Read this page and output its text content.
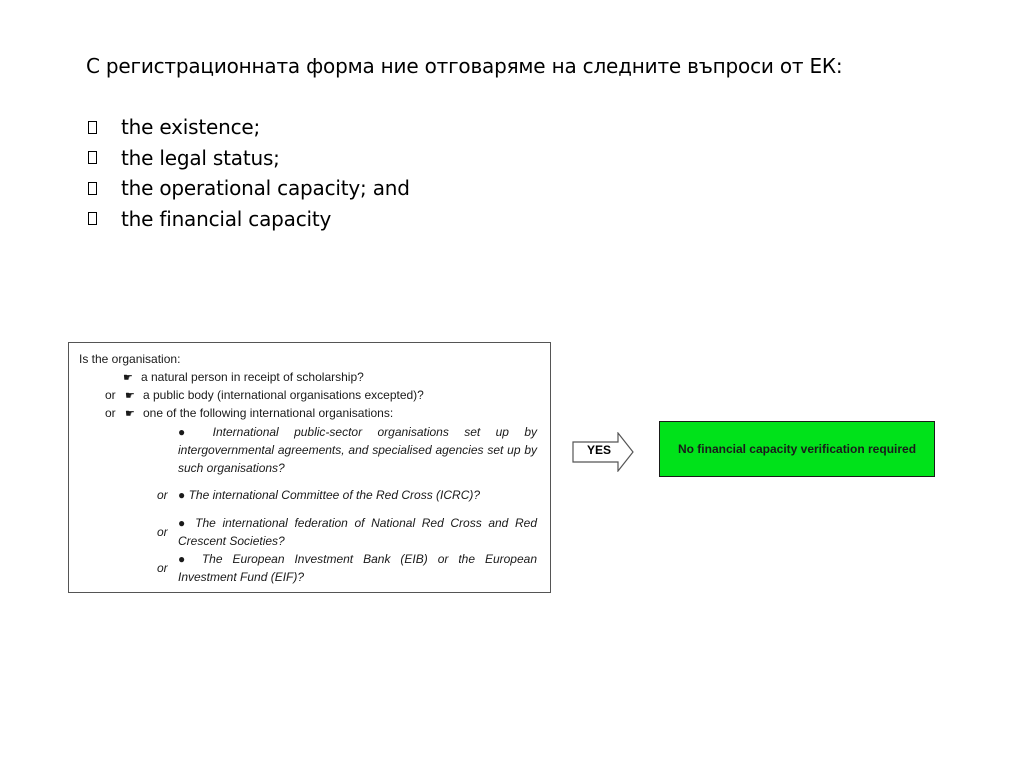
С регистрационната форма ние отговаряме на следните въпроси от ЕК:
the existence;
the legal status;
the operational capacity; and
the financial capacity
Is the organisation:
☛ a natural person in receipt of scholarship?
or ☛ a public body (international organisations excepted)?
or ☛ one of the following international organisations:
● International public-sector organisations set up by intergovernmental agreements, and specialised agencies set up by such organisations?
or ● The international Committee of the Red Cross (ICRC)?
or
● The international federation of National Red Cross and Red Crescent Societies?
or
● The European Investment Bank (EIB) or the European Investment Fund (EIF)?
YES	No financial capacity verification required
